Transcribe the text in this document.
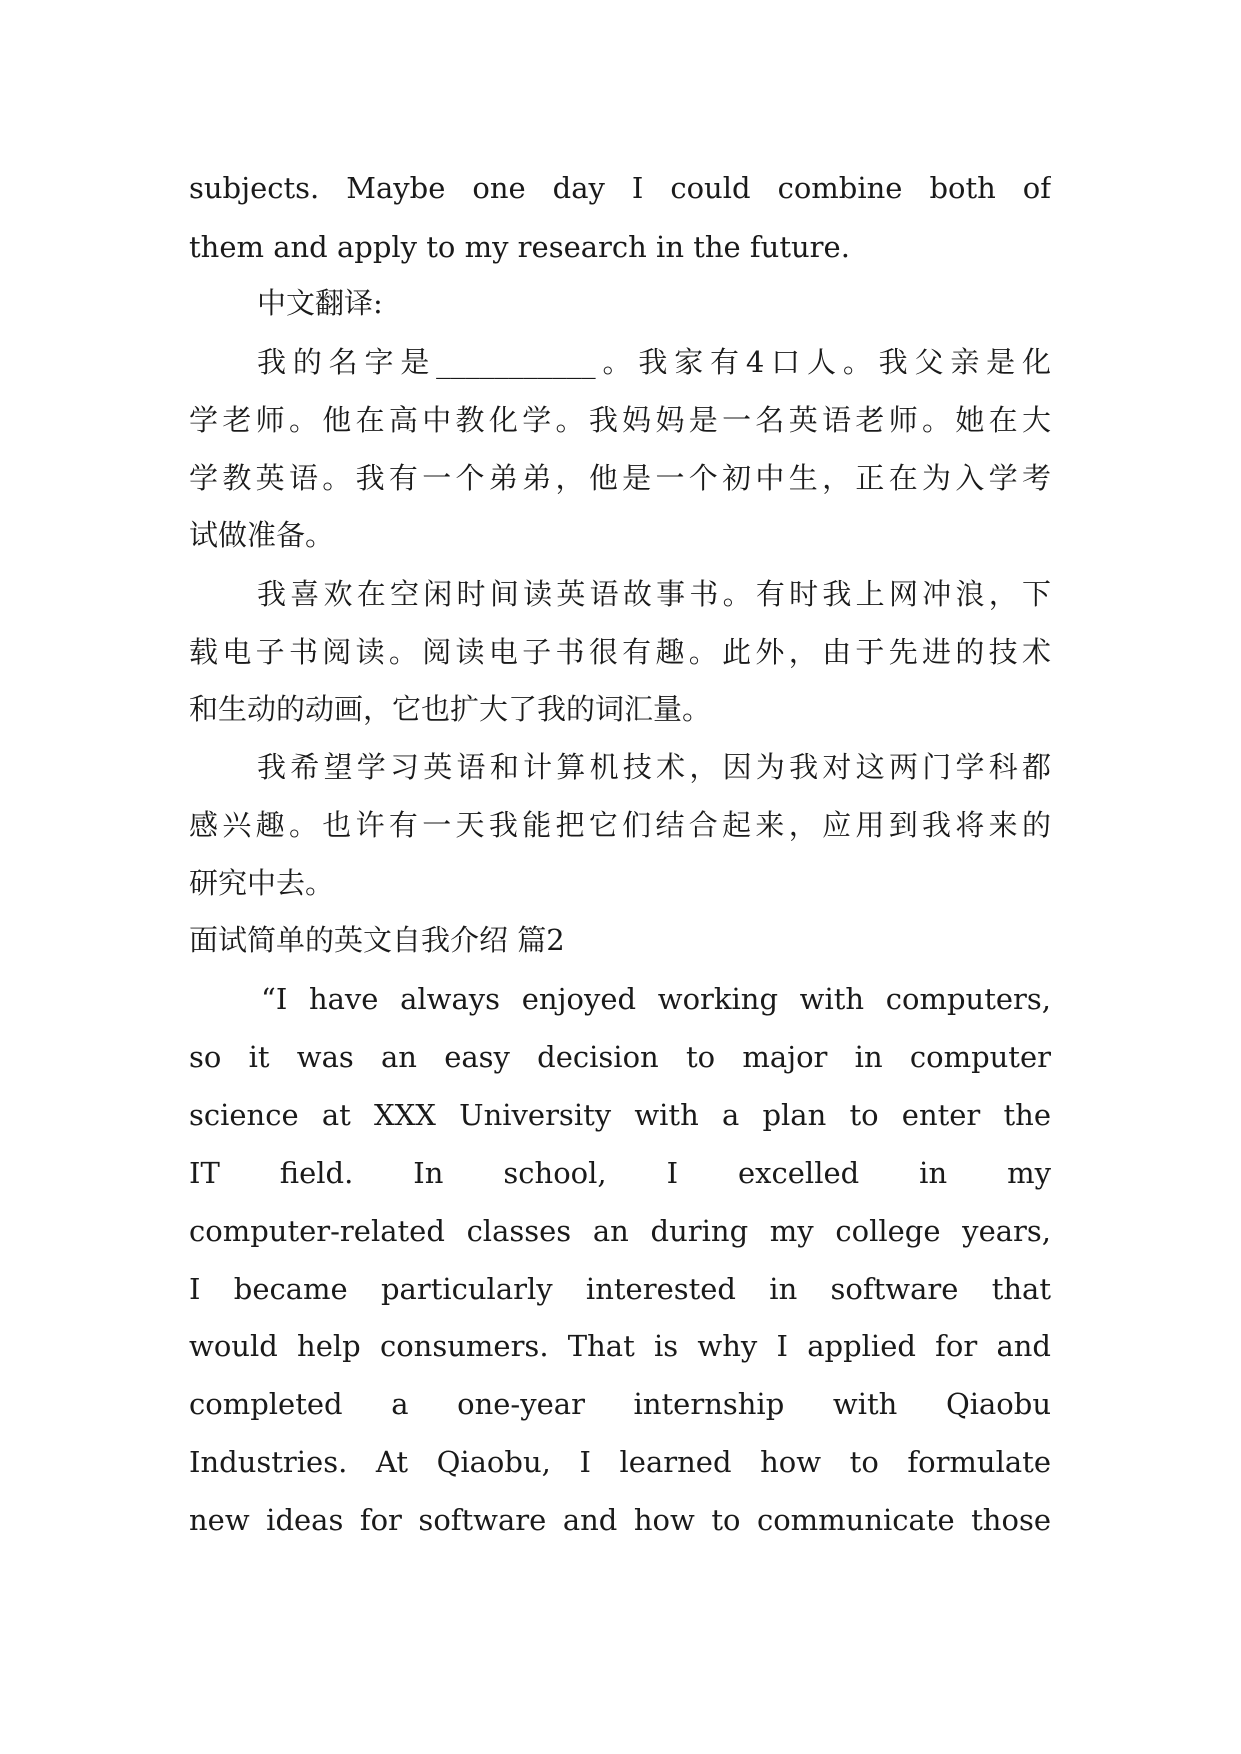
subjects. Maybe one day I could combine both of
them and apply to my research in the future.
中文翻译:
我的名字是___________。我家有4口人。我父亲是化
学老师。他在高中教化学。我妈妈是一名英语老师。她在大
学教英语。我有一个弟弟，他是一个初中生，正在为入学考
试做准备。
我喜欢在空闲时间读英语故事书。有时我上网冲浪，下
载电子书阅读。阅读电子书很有趣。此外，由于先进的技术
和生动的动画，它也扩大了我的词汇量。
我希望学习英语和计算机技术，因为我对这两门学科都
感兴趣。也许有一天我能把它们结合起来，应用到我将来的
研究中去。
面试简单的英文自我介绍 篇2
“I have always enjoyed working with computers,
so it was an easy decision to major in computer
science at XXX University with a plan to enter the
IT field. In school, I excelled in my
computer-related classes an during my college years,
I became particularly interested in software that
would help consumers. That is why I applied for and
completed a one-year internship with Qiaobu
Industries. At Qiaobu, I learned how to formulate
new ideas for software and how to communicate those
